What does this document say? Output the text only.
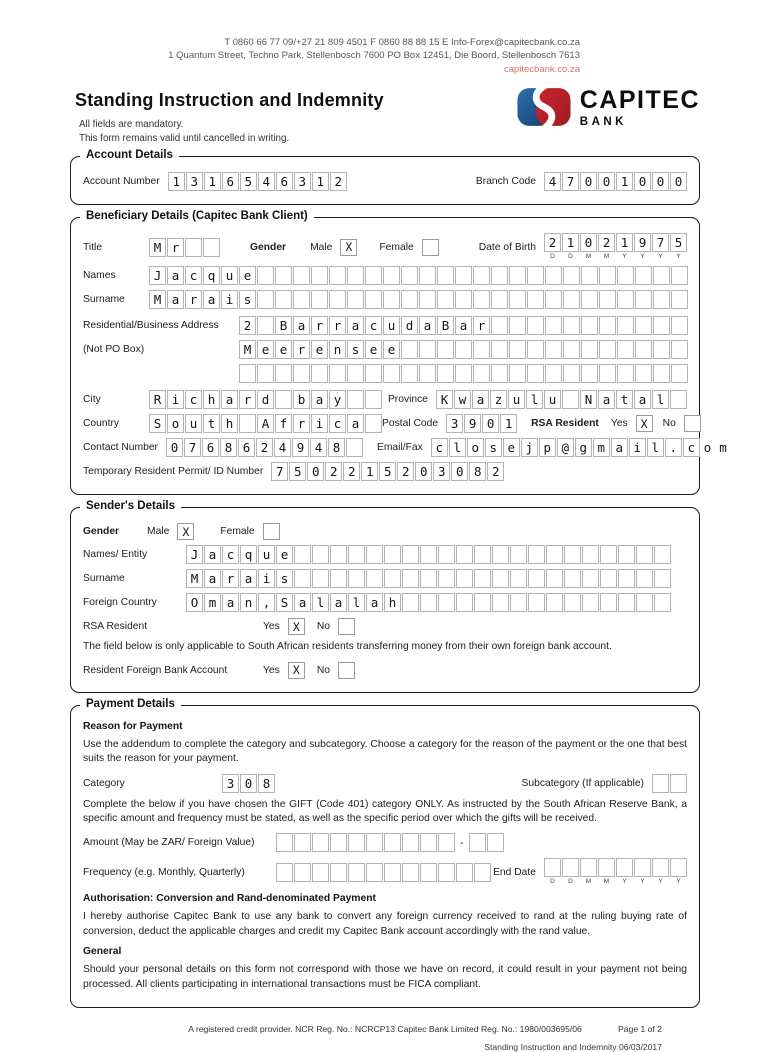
T 0860 66 77 09/+27 21 809 4501 F 0860 88 88 15 E Info-Forex@capitecbank.co.za
1 Quantum Street, Techno Park, Stellenbosch 7600 PO Box 12451, Die Boord, Stellenbosch 7613
capitecbank.co.za
Standing Instruction and Indemnity
All fields are mandatory.
This form remains valid until cancelled in writing.
CAPITEC
BANK
Account Details
Account Number	1 3 1 6 5 4 6 3 1 2	Branch Code	4 7 0 0 1 0 0 0
Beneficiary Details (Capitec Bank Client)
Title	M r	Gender Male	X	Female	Date of Birth	2 1 0 2 1 9 7 5
D	D	M	M	Y	Y	Y	Y
Names	J a c q u e
Surname	M a r a i s
Residential/Business Address	2	B a r r a c u d a B a r
(Not PO Box)	M e e r e n s e e
City	R i c h a r d	b a y	Province	K w a z u l u	N a t a l
Country	S o u t h	A f r i c a	Postal Code	3 9 0 1	RSA Resident Yes	X	No
Contact Number	0 7 6 8 6 2 4 9 4 8	Email/Fax	c l o s e j p @ g m a i l . c om
Temporary Resident Permit/ ID Number	7 5 0 2 2 1 5 2 0 3 0 8 2
Sender's Details
Gender	Male	X	Female
Names/ Entity	J a c q u e
Surname	M a r a i s
Foreign Country	O m a n , S a l a l a h
RSA Resident	Yes	X	No
The field below is only applicable to South African residents transferring money from their own foreign bank account.
Resident Foreign Bank Account	Yes	X	No
Payment Details
Reason for Payment
Use the addendum to complete the category and subcategory. Choose a category for the reason of the payment or the one that best suits the reason for your payment.
Category	3 0 8	Subcategory (If applicable)
Complete the below if you have chosen the GIFT (Code 401) category ONLY. As instructed by the South African Reserve Bank, a specific amount and frequency must be stated, as well as the specific period over which the gifts will be received.
Amount (May be ZAR/ Foreign Value)	-
Frequency (e.g. Monthly, Quarterly)	End Date
D	D	M	M	Y	Y	Y	Y
Authorisation: Conversion and Rand-denominated Payment
I hereby authorise Capitec Bank to use any bank to convert any foreign currency received to rand at the ruling buying rate of conversion, deduct the applicable charges and credit my Capitec Bank account accordingly with the rand value.
General
Should your personal details on this form not correspond with those we have on record, it could result in your payment not being processed. All clients participating in international transactions must be FICA compliant.
A registered credit provider. NCR Reg. No.: NCRCP13 Capitec Bank Limited Reg. No.: 1980/003695/06	Page 1 of 2
Standing Instruction and Indemnity 06/03/2017
